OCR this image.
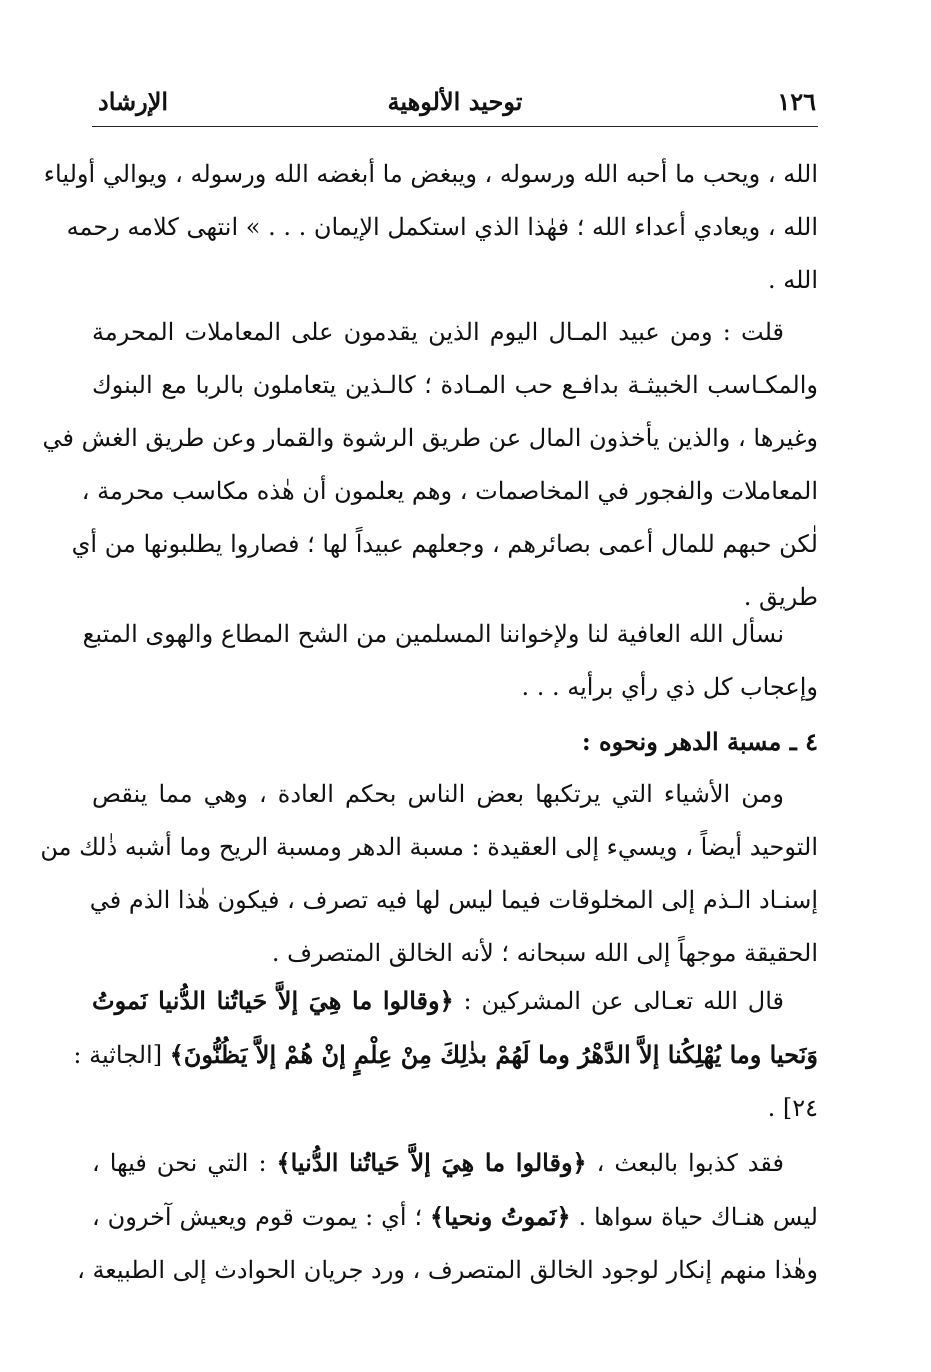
١٢٦
توحيد الألوهية
الإرشاد
الله ، ويحب ما أحبه الله ورسوله ، ويبغض ما أبغضه الله ورسوله ، ويوالي أولياء
الله ، ويعادي أعداء الله ؛ فهٰذا الذي استكمل الإيمان . . . » انتهى كلامه رحمه
الله .
قلت : ومن عبيد المـال اليوم الذين يقدمون على المعاملات المحرمة
والمكـاسب الخبيثـة بدافـع حب المـادة ؛ كالـذين يتعاملون بالربا مع البنوك
وغيرها ، والذين يأخذون المال عن طريق الرشوة والقمار وعن طريق الغش في
المعاملات والفجور في المخاصمات ، وهم يعلمون أن هٰذه مكاسب محرمة ،
لٰكن حبهم للمال أعمى بصائرهم ، وجعلهم عبيداً لها ؛ فصاروا يطلبونها من أي
طريق .
نسأل الله العافية لنا ولإخواننا المسلمين من الشح المطاع والهوى المتبع
وإعجاب كل ذي رأي برأيه . . .
٤ ـ مسبة الدهر ونحوه :
ومن الأشياء التي يرتكبها بعض الناس بحكم العادة ، وهي مما ينقص
التوحيد أيضاً ، ويسيء إلى العقيدة : مسبة الدهر ومسبة الريح وما أشبه ذٰلك من
إسنـاد الـذم إلى المخلوقات فيما ليس لها فيه تصرف ، فيكون هٰذا الذم في
الحقيقة موجهاً إلى الله سبحانه ؛ لأنه الخالق المتصرف .
قال الله تعـالى عن المشركين : ﴿وقالوا ما هِيَ إلاَّ حَياتُنا الدُّنيا نَموتُ
وَنَحيا وما يُهْلِكُنا إلاَّ الدَّهْرُ وما لَهُمْ بذٰلِكَ مِنْ عِلْمٍ إنْ هُمْ إلاَّ يَظُنُّونَ﴾ [الجاثية :
٢٤] .
فقد كذبوا بالبعث ، ﴿وقالوا ما هِيَ إلاَّ حَياتُنا الدُّنيا﴾ : التي نحن فيها ،
ليس هنـاك حياة سواها . ﴿نَموتُ ونحيا﴾ ؛ أي : يموت قوم ويعيش آخرون ،
وهٰذا منهم إنكار لوجود الخالق المتصرف ، ورد جريان الحوادث إلى الطبيعة ،
